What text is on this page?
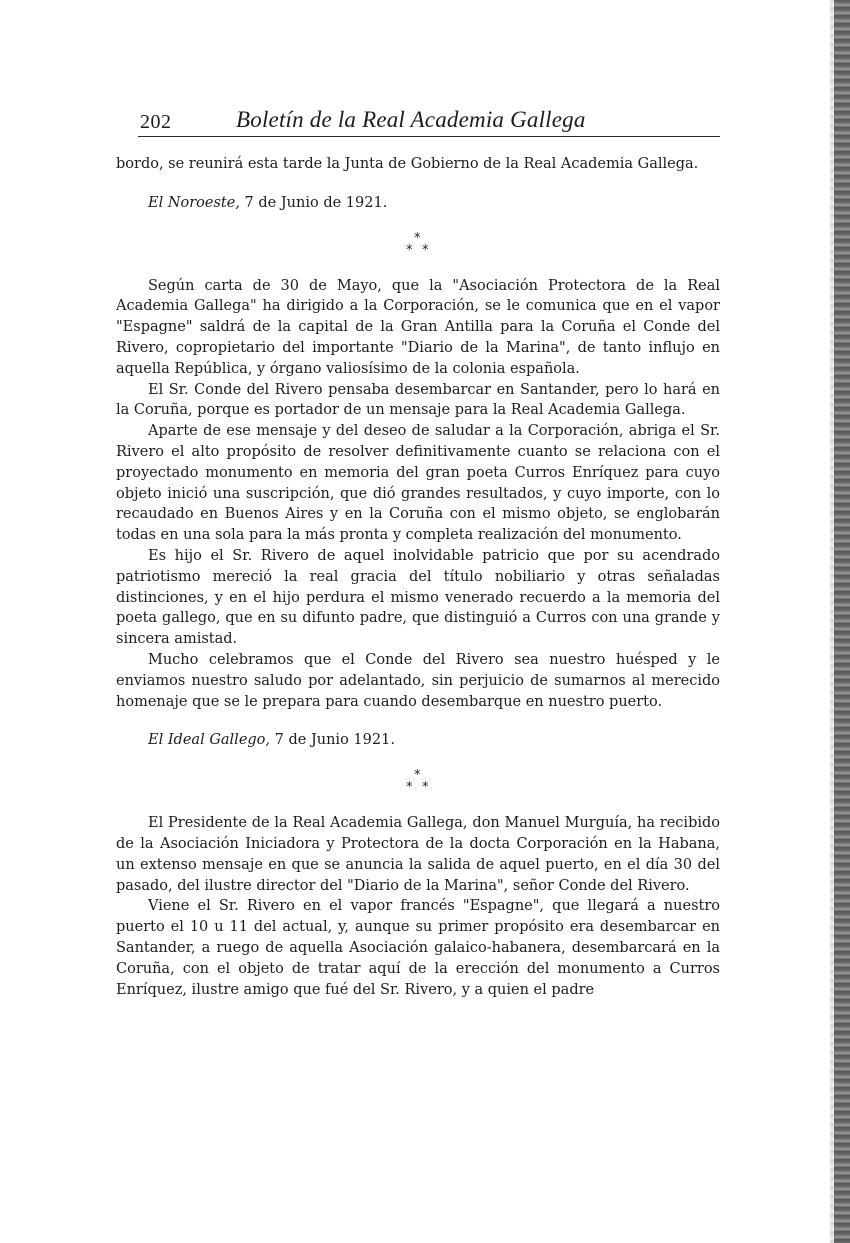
202	Boletín de la Real Academia Gallega

bordo, se reunirá esta tarde la Junta de Gobierno de la Real Academia Gallega.

El Noroeste, 7 de Junio de 1921.

*
* *

Según carta de 30 de Mayo, que la "Asociación Protectora de la Real Academia Gallega" ha dirigido a la Corporación, se le comunica que en el vapor "Espagne" saldrá de la capital de la Gran Antilla para la Coruña el Conde del Rivero, copropietario del importante "Diario de la Marina", de tanto influjo en aquella República, y órgano valiosísimo de la colonia española.

El Sr. Conde del Rivero pensaba desembarcar en Santander, pero lo hará en la Coruña, porque es portador de un mensaje para la Real Academia Gallega.

Aparte de ese mensaje y del deseo de saludar a la Corporación, abriga el Sr. Rivero el alto propósito de resolver definitivamente cuanto se relaciona con el proyectado monumento en memoria del gran poeta Curros Enríquez para cuyo objeto inició una suscripción, que dió grandes resultados, y cuyo importe, con lo recaudado en Buenos Aires y en la Coruña con el mismo objeto, se englobarán todas en una sola para la más pronta y completa realización del monumento.

Es hijo el Sr. Rivero de aquel inolvidable patricio que por su acendrado patriotismo mereció la real gracia del título nobiliario y otras señaladas distinciones, y en el hijo perdura el mismo venerado recuerdo a la memoria del poeta gallego, que en su difunto padre, que distinguió a Curros con una grande y sincera amistad.

Mucho celebramos que el Conde del Rivero sea nuestro huésped y le enviamos nuestro saludo por adelantado, sin perjuicio de sumarnos al merecido homenaje que se le prepara para cuando desembarque en nuestro puerto.

El Ideal Gallego, 7 de Junio 1921.

*
* *

El Presidente de la Real Academia Gallega, don Manuel Murguía, ha recibido de la Asociación Iniciadora y Protectora de la docta Corporación en la Habana, un extenso mensaje en que se anuncia la salida de aquel puerto, en el día 30 del pasado, del ilustre director del "Diario de la Marina", señor Conde del Rivero.

Viene el Sr. Rivero en el vapor francés "Espagne", que llegará a nuestro puerto el 10 u 11 del actual, y, aunque su primer propósito era desembarcar en Santander, a ruego de aquella Asociación galaico-habanera, desembarcará en la Coruña, con el objeto de tratar aquí de la erección del monumento a Curros Enríquez, ilustre amigo que fué del Sr. Rivero, y a quien el padre
